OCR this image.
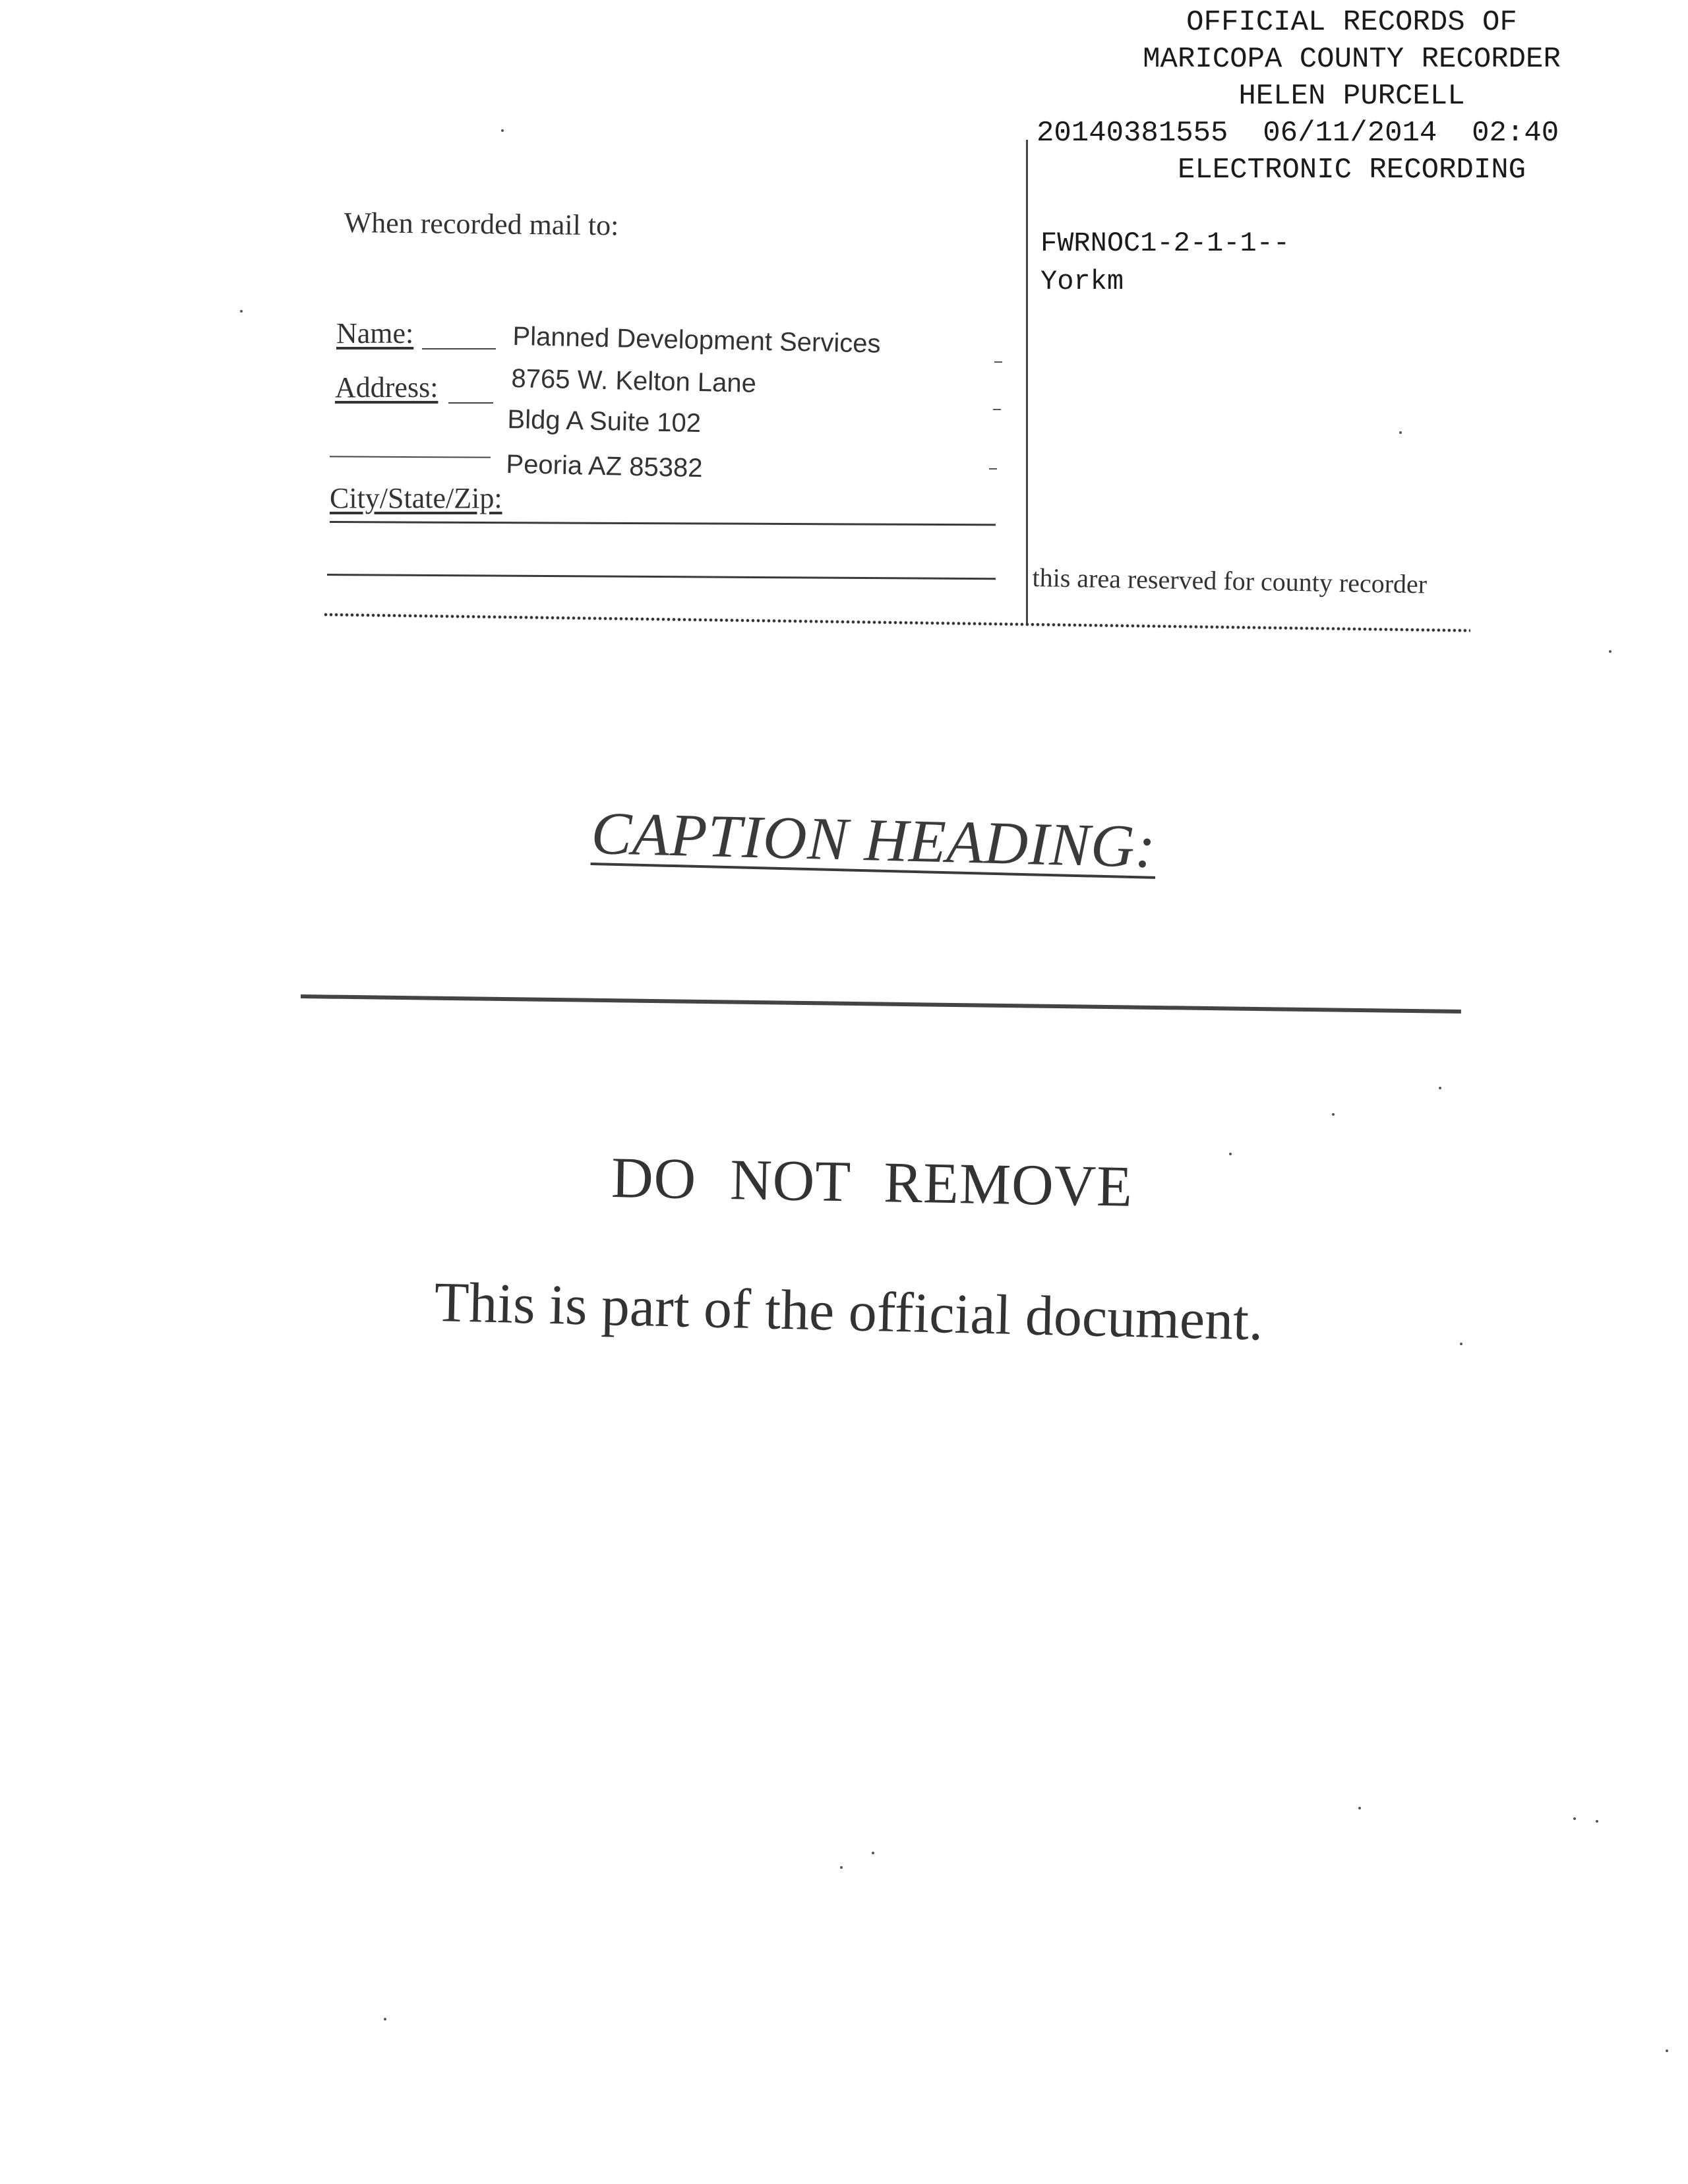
OFFICIAL RECORDS OF
MARICOPA COUNTY RECORDER
HELEN PURCELL
20140381555  06/11/2014  02:40
ELECTRONIC RECORDING
FWRNOC1-2-1-1--
Yorkm
this area reserved for county recorder
When recorded mail to:
Name:
Address:
City/State/Zip:
Planned Development Services
8765 W. Kelton Lane
Bldg A Suite 102
Peoria AZ 85382
CAPTION HEADING:
DO NOT REMOVE
This is part of the official document.
